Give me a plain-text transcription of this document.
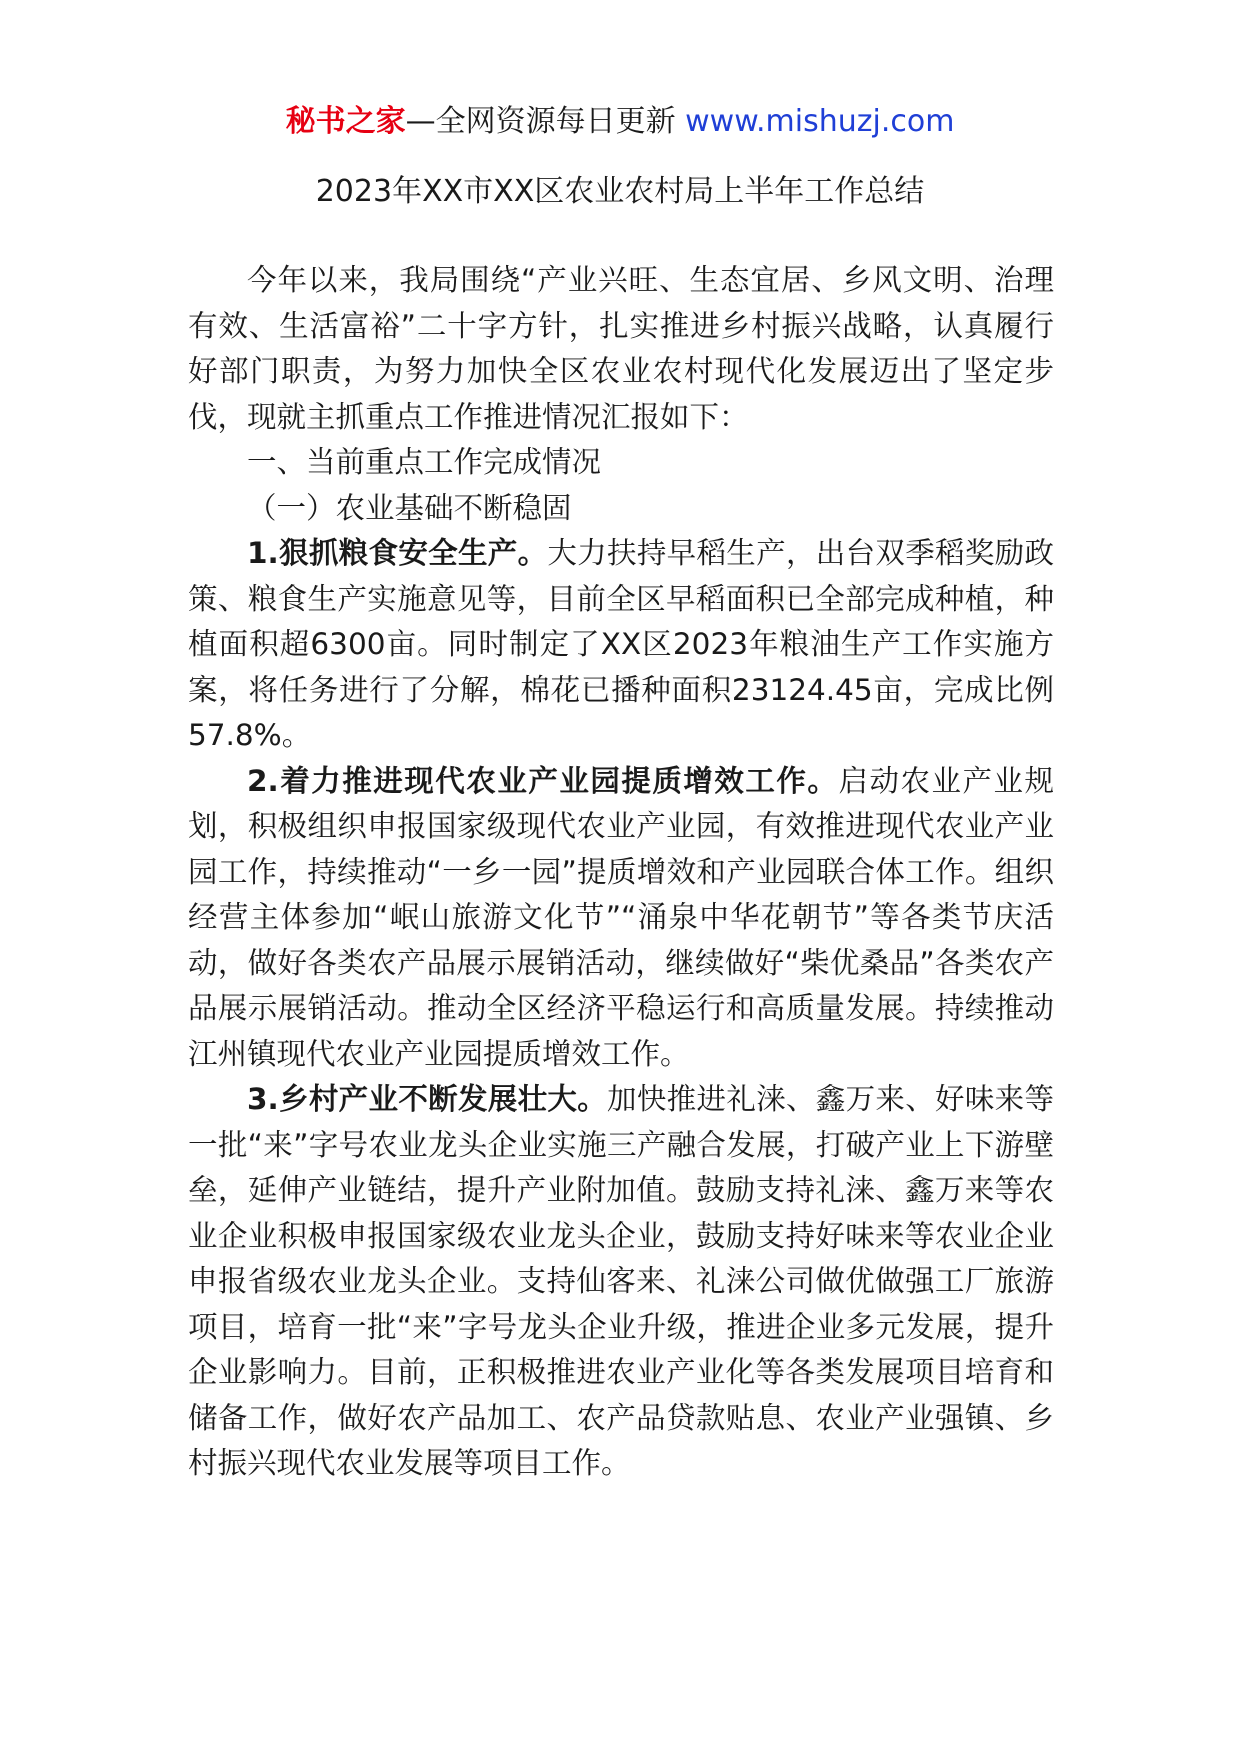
秘书之家—全网资源每日更新 www.mishuzj.com
2023年XX市XX区农业农村局上半年工作总结

今年以来，我局围绕“产业兴旺、生态宜居、乡风文明、治理有效、生活富裕”二十字方针，扎实推进乡村振兴战略，认真履行好部门职责，为努力加快全区农业农村现代化发展迈出了坚定步伐，现就主抓重点工作推进情况汇报如下：

一、当前重点工作完成情况

（一）农业基础不断稳固

1.狠抓粮食安全生产。大力扶持早稻生产，出台双季稻奖励政策、粮食生产实施意见等，目前全区早稻面积已全部完成种植，种植面积超6300亩。同时制定了XX区2023年粮油生产工作实施方案，将任务进行了分解，棉花已播种面积23124.45亩，完成比例57.8%。

2.着力推进现代农业产业园提质增效工作。启动农业产业规划，积极组织申报国家级现代农业产业园，有效推进现代农业产业园工作，持续推动“一乡一园”提质增效和产业园联合体工作。组织经营主体参加“岷山旅游文化节”“涌泉中华花朝节”等各类节庆活动，做好各类农产品展示展销活动，继续做好“柴优桑品”各类农产品展示展销活动。推动全区经济平稳运行和高质量发展。持续推动江州镇现代农业产业园提质增效工作。

3.乡村产业不断发展壮大。加快推进礼涞、鑫万来、好味来等一批“来”字号农业龙头企业实施三产融合发展，打破产业上下游壁垒，延伸产业链结，提升产业附加值。鼓励支持礼涞、鑫万来等农业企业积极申报国家级农业龙头企业，鼓励支持好味来等农业企业申报省级农业龙头企业。支持仙客来、礼涞公司做优做强工厂旅游项目，培育一批“来”字号龙头企业升级，推进企业多元发展，提升企业影响力。目前，正积极推进农业产业化等各类发展项目培育和储备工作，做好农产品加工、农产品贷款贴息、农业产业强镇、乡村振兴现代农业发展等项目工作。
